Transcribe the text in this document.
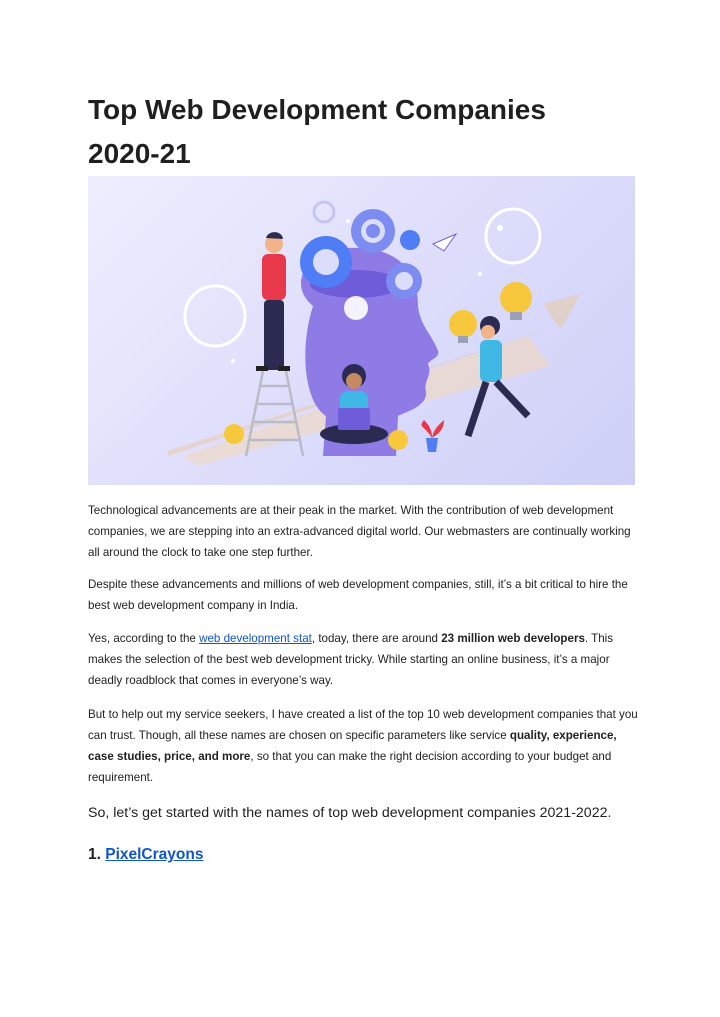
Top Web Development Companies
2020-21

Technological advancements are at their peak in the market. With the contribution of web development companies, we are stepping into an extra-advanced digital world. Our webmasters are continually working all around the clock to take one step further.

Despite these advancements and millions of web development companies, still, it’s a bit critical to hire the best web development company in India.

Yes, according to the web development stat, today, there are around 23 million web developers. This makes the selection of the best web development tricky. While starting an online business, it’s a major deadly roadblock that comes in everyone’s way.

But to help out my service seekers, I have created a list of the top 10 web development companies that you can trust. Though, all these names are chosen on specific parameters like service quality, experience, case studies, price, and more, so that you can make the right decision according to your budget and requirement.

So, let’s get started with the names of top web development companies 2021-2022.

1. PixelCrayons
